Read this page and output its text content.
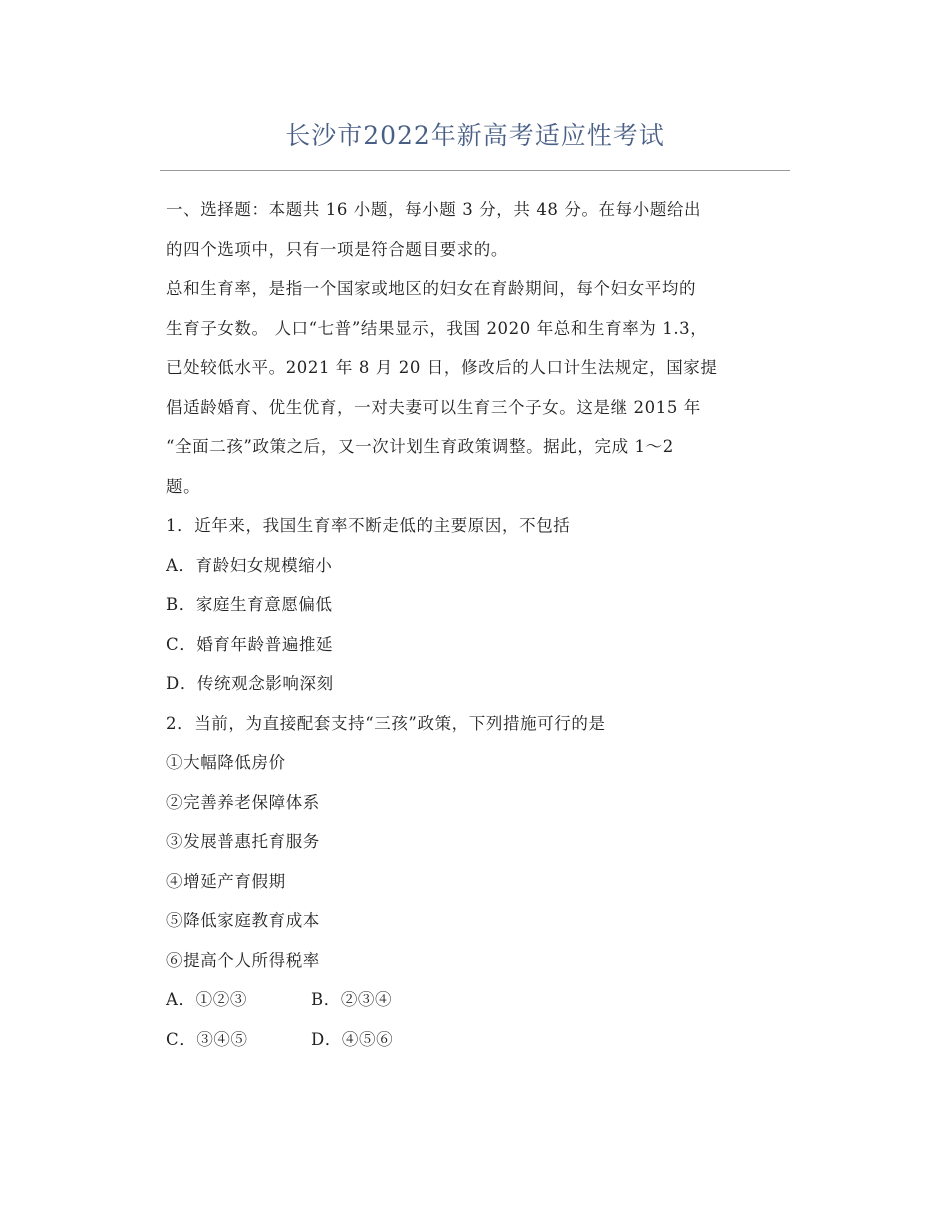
长沙市2022年新高考适应性考试
一、选择题：本题共 16 小题，每小题 3 分，共 48 分。在每小题给出
的四个选项中，只有一项是符合题目要求的。
总和生育率，是指一个国家或地区的妇女在育龄期间，每个妇女平均的
生育子女数。 人口“七普”结果显示，我国 2020 年总和生育率为 1.3，
已处较低水平。2021 年 8 月 20 日，修改后的人口计生法规定，国家提
倡适龄婚育、优生优育，一对夫妻可以生育三个子女。这是继 2015 年
“全面二孩”政策之后，又一次计划生育政策调整。据此，完成 1～2
题。
1．近年来，我国生育率不断走低的主要原因，不包括
A．育龄妇女规模缩小
B．家庭生育意愿偏低
C．婚育年龄普遍推延
D．传统观念影响深刻
2．当前，为直接配套支持“三孩”政策，下列措施可行的是
①大幅降低房价
②完善养老保障体系
③发展普惠托育服务
④增延产育假期
⑤降低家庭教育成本
⑥提高个人所得税率
A．①②③	B．②③④
C．③④⑤	D．④⑤⑥
